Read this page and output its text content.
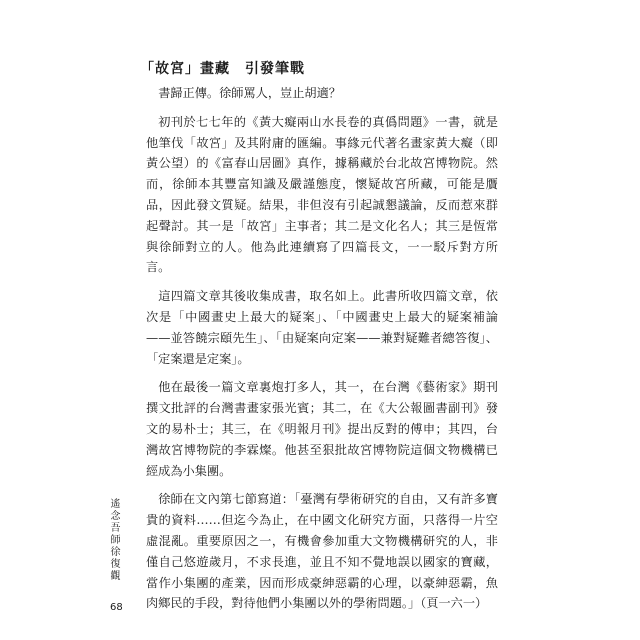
「故宮」畫藏　引發筆戰

書歸正傳。徐師罵人，豈止胡適？

初刊於七七年的《黃大癡兩山水長卷的真僞問題》一書，就是他筆伐「故宮」及其附庸的匯編。事緣元代著名畫家黃大癡（即黃公望）的《富春山居圖》真作，據稱藏於台北故宮博物院。然而，徐師本其豐富知識及嚴謹態度，懷疑故宮所藏，可能是贋品，因此發文質疑。結果，非但沒有引起誠懇議論，反而惹來群起聲討。其一是「故宮」主事者；其二是文化名人；其三是恆常與徐師對立的人。他為此連續寫了四篇長文，一一駁斥對方所言。

這四篇文章其後收集成書，取名如上。此書所收四篇文章，依次是「中國畫史上最大的疑案」、「中國畫史上最大的疑案補論——並答饒宗頤先生」、「由疑案向定案——兼對疑難者總答復」、「定案還是定案」。

他在最後一篇文章裏炮打多人，其一，在台灣《藝術家》期刊撰文批評的台灣書畫家張光賓；其二，在《大公報圖書副刊》發文的易朴士；其三，在《明報月刊》提出反對的傅申；其四，台灣故宮博物院的李霖燦。他甚至狠批故宮博物院這個文物機構已經成為小集團。

徐師在文內第七節寫道：「臺灣有學術研究的自由，又有許多寶貴的資料……但迄今為止，在中國文化研究方面，只落得一片空虛混亂。重要原因之一，有機會參加重大文物機構研究的人，非僅自己悠遊歲月，不求長進，並且不知不覺地誤以國家的寶藏，當作小集團的產業，因而形成豪紳惡霸的心理，以豪紳惡霸，魚肉鄉民的手段，對待他們小集團以外的學術問題。」（頁一六一）

遙念吾師徐復觀
68
